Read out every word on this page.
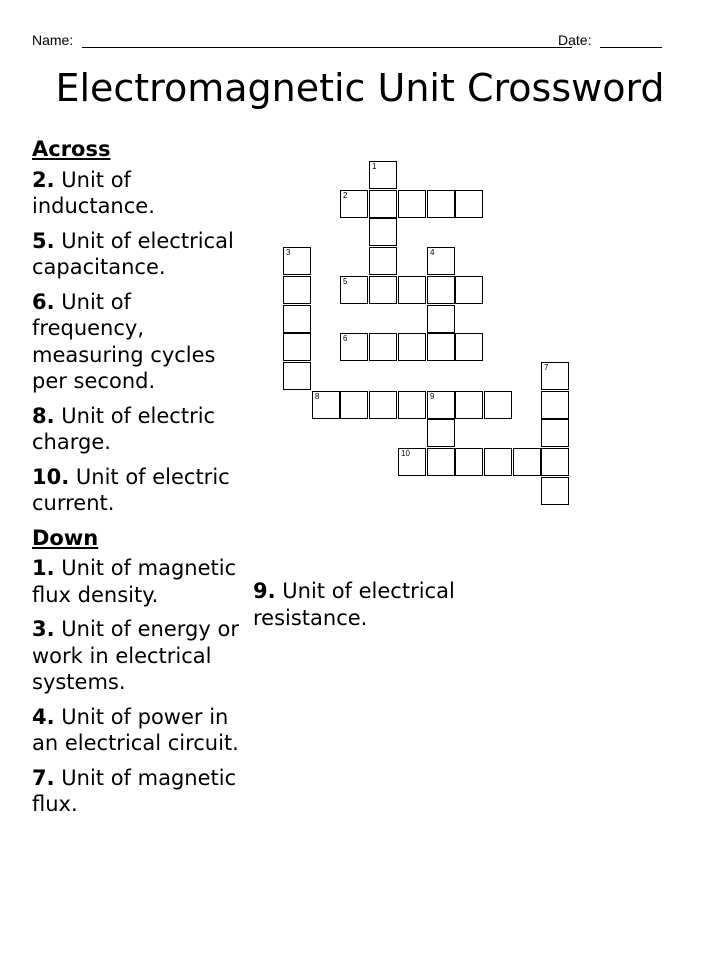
Name:	Date:
Electromagnetic Unit Crossword
Across
2. Unit of inductance.
5. Unit of electrical capacitance.
6. Unit of frequency, measuring cycles per second.
8. Unit of electric charge.
10. Unit of electric current.
Down
1. Unit of magnetic flux density.
3. Unit of energy or work in electrical systems.
4. Unit of power in an electrical circuit.
7. Unit of magnetic flux.
9. Unit of electrical resistance.
1
2
3	4
5
6
7
8	9
10
